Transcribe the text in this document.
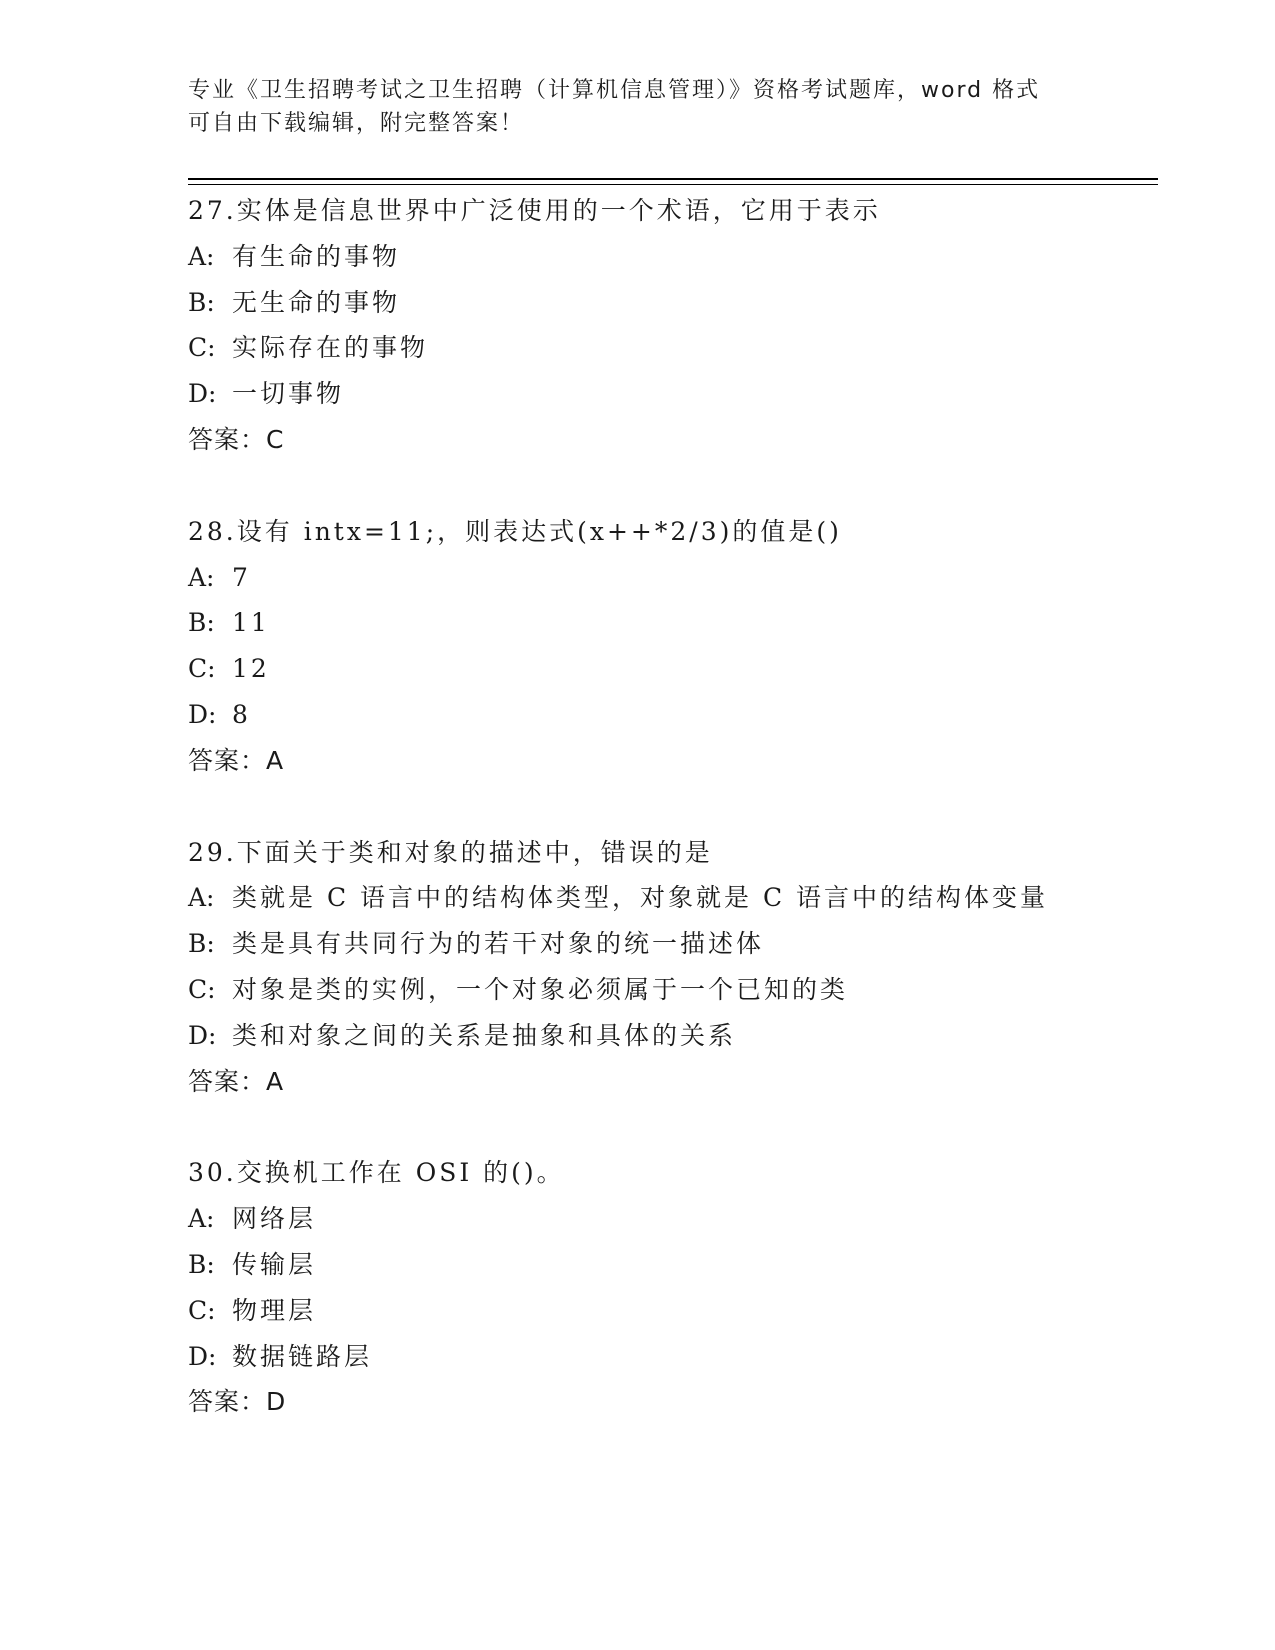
专业《卫生招聘考试之卫生招聘（计算机信息管理）》资格考试题库，word 格式
可自由下载编辑，附完整答案！
27.实体是信息世界中广泛使用的一个术语，它用于表示
A: 有生命的事物
B: 无生命的事物
C: 实际存在的事物
D: 一切事物
答案：C
28.设有 intx=11;，则表达式(x++*2/3)的值是()
A: 7
B: 11
C: 12
D: 8
答案：A
29.下面关于类和对象的描述中，错误的是
A: 类就是 C 语言中的结构体类型，对象就是 C 语言中的结构体变量
B: 类是具有共同行为的若干对象的统一描述体
C: 对象是类的实例，一个对象必须属于一个已知的类
D: 类和对象之间的关系是抽象和具体的关系
答案：A
30.交换机工作在 OSI 的()。
A: 网络层
B: 传输层
C: 物理层
D: 数据链路层
答案：D
